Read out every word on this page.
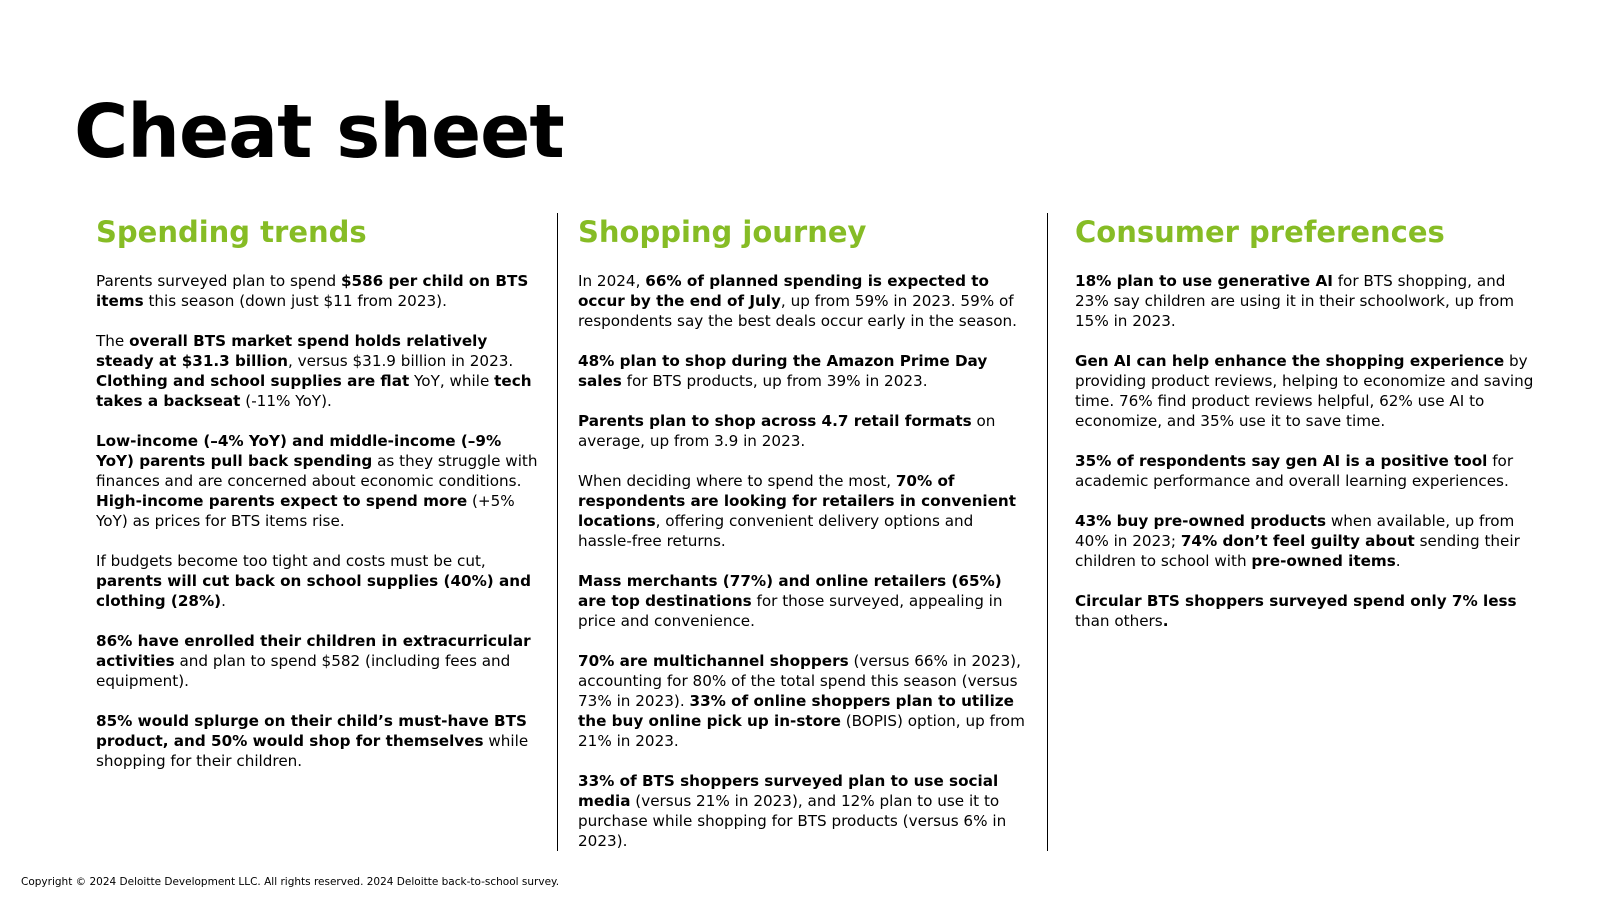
Cheat sheet
Spending trends

Parents surveyed plan to spend $586 per child on BTS items this season (down just $11 from 2023).

The overall BTS market spend holds relatively steady at $31.3 billion, versus $31.9 billion in 2023. Clothing and school supplies are flat YoY, while tech takes a backseat (-11% YoY).

Low-income (–4% YoY) and middle-income (–9% YoY) parents pull back spending as they struggle with finances and are concerned about economic conditions. High-income parents expect to spend more (+5% YoY) as prices for BTS items rise.

If budgets become too tight and costs must be cut, parents will cut back on school supplies (40%) and clothing (28%).

86% have enrolled their children in extracurricular activities and plan to spend $582 (including fees and equipment).

85% would splurge on their child’s must-have BTS product, and 50% would shop for themselves while shopping for their children.

Shopping journey

In 2024, 66% of planned spending is expected to occur by the end of July, up from 59% in 2023. 59% of respondents say the best deals occur early in the season.

48% plan to shop during the Amazon Prime Day sales for BTS products, up from 39% in 2023.

Parents plan to shop across 4.7 retail formats on average, up from 3.9 in 2023.

When deciding where to spend the most, 70% of respondents are looking for retailers in convenient locations, offering convenient delivery options and hassle-free returns.

Mass merchants (77%) and online retailers (65%) are top destinations for those surveyed, appealing in price and convenience.

70% are multichannel shoppers (versus 66% in 2023), accounting for 80% of the total spend this season (versus 73% in 2023). 33% of online shoppers plan to utilize the buy online pick up in-store (BOPIS) option, up from 21% in 2023.

33% of BTS shoppers surveyed plan to use social media (versus 21% in 2023), and 12% plan to use it to purchase while shopping for BTS products (versus 6% in 2023).

Consumer preferences

18% plan to use generative AI for BTS shopping, and 23% say children are using it in their schoolwork, up from 15% in 2023.

Gen AI can help enhance the shopping experience by providing product reviews, helping to economize and saving time. 76% find product reviews helpful, 62% use AI to economize, and 35% use it to save time.

35% of respondents say gen AI is a positive tool for academic performance and overall learning experiences.

43% buy pre-owned products when available, up from 40% in 2023; 74% don’t feel guilty about sending their children to school with pre-owned items.

Circular BTS shoppers surveyed spend only 7% less than others.

Copyright © 2024 Deloitte Development LLC. All rights reserved. 2024 Deloitte back-to-school survey.
